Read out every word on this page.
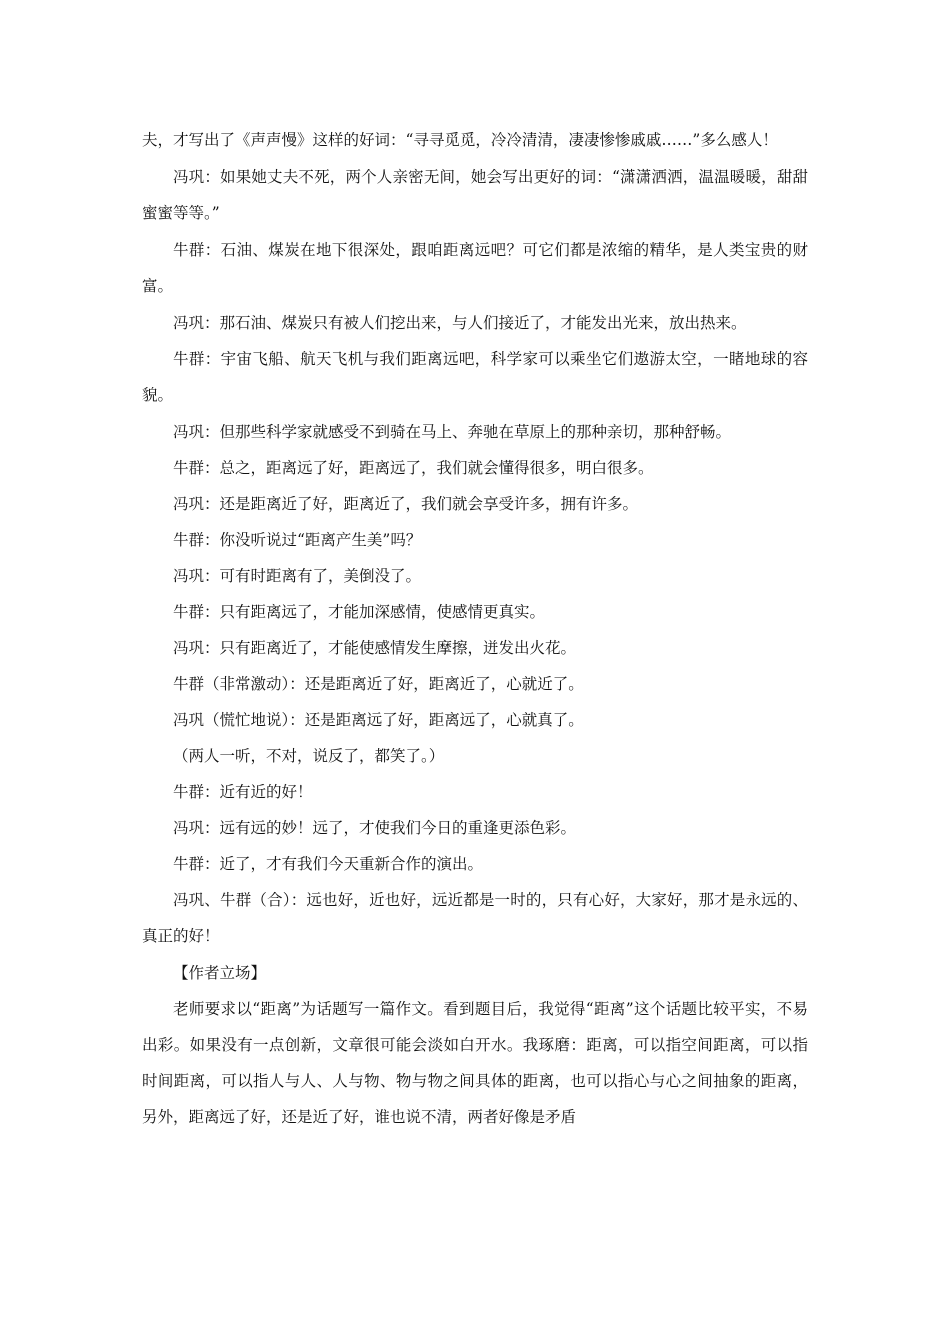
夫，才写出了《声声慢》这样的好词：“寻寻觅觅，冷冷清清，凄凄惨惨戚戚……”多么感人！

冯巩：如果她丈夫不死，两个人亲密无间，她会写出更好的词：“潇潇洒洒，温温暖暖，甜甜蜜蜜等等。”

牛群：石油、煤炭在地下很深处，跟咱距离远吧？可它们都是浓缩的精华，是人类宝贵的财富。

冯巩：那石油、煤炭只有被人们挖出来，与人们接近了，才能发出光来，放出热来。

牛群：宇宙飞船、航天飞机与我们距离远吧，科学家可以乘坐它们遨游太空，一睹地球的容貌。

冯巩：但那些科学家就感受不到骑在马上、奔驰在草原上的那种亲切，那种舒畅。

牛群：总之，距离远了好，距离远了，我们就会懂得很多，明白很多。

冯巩：还是距离近了好，距离近了，我们就会享受许多，拥有许多。

牛群：你没听说过“距离产生美”吗？

冯巩：可有时距离有了，美倒没了。

牛群：只有距离远了，才能加深感情，使感情更真实。

冯巩：只有距离近了，才能使感情发生摩擦，迸发出火花。

牛群（非常激动）：还是距离近了好，距离近了，心就近了。

冯巩（慌忙地说）：还是距离远了好，距离远了，心就真了。

（两人一听，不对，说反了，都笑了。）

牛群：近有近的好！

冯巩：远有远的妙！远了，才使我们今日的重逢更添色彩。

牛群：近了，才有我们今天重新合作的演出。

冯巩、牛群（合）：远也好，近也好，远近都是一时的，只有心好，大家好，那才是永远的、真正的好！

【作者立场】

老师要求以“距离”为话题写一篇作文。看到题目后，我觉得“距离”这个话题比较平实，不易出彩。如果没有一点创新，文章很可能会淡如白开水。我琢磨：距离，可以指空间距离，可以指时间距离，可以指人与人、人与物、物与物之间具体的距离，也可以指心与心之间抽象的距离，另外，距离远了好，还是近了好，谁也说不清，两者好像是矛盾
